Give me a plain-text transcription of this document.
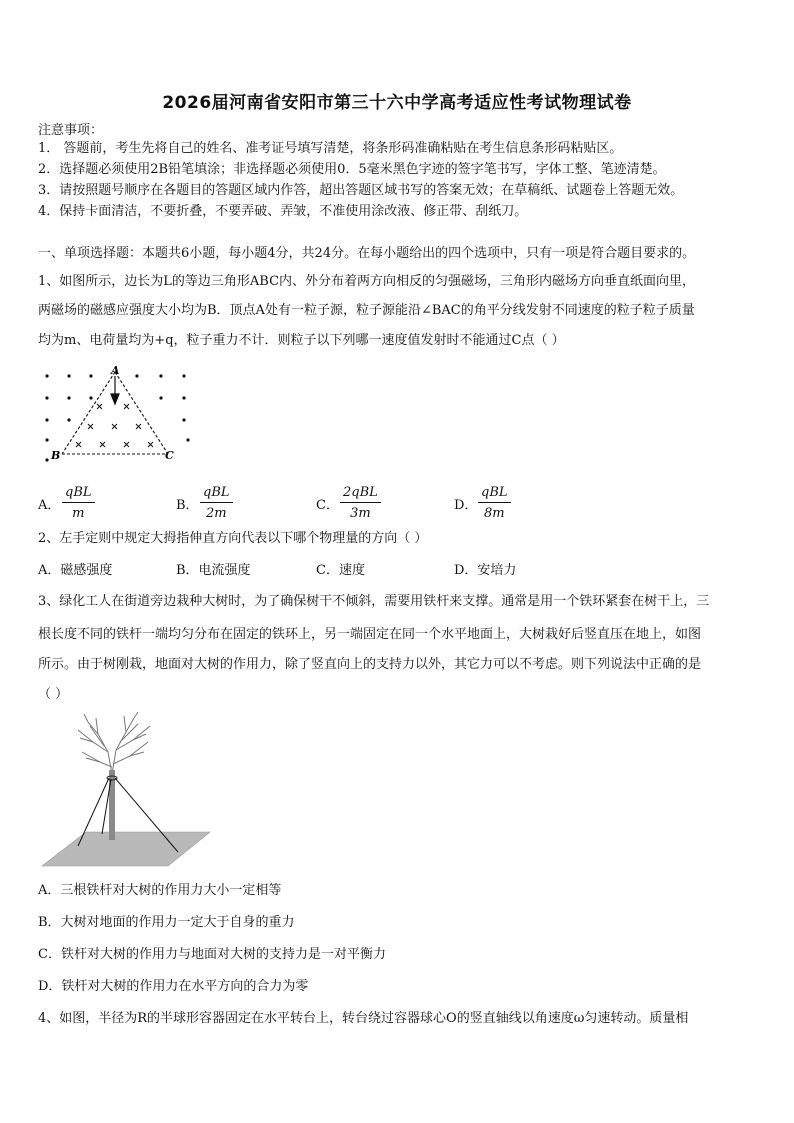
2026届河南省安阳市第三十六中学高考适应性考试物理试卷
注意事项：
1． 答题前，考生先将自己的姓名、准考证号填写清楚，将条形码准确粘贴在考生信息条形码粘贴区。
2．选择题必须使用2B铅笔填涂；非选择题必须使用0．5毫米黑色字迹的签字笔书写，字体工整、笔迹清楚。
3．请按照题号顺序在各题目的答题区域内作答，超出答题区域书写的答案无效；在草稿纸、试题卷上答题无效。
4．保持卡面清洁，不要折叠，不要弄破、弄皱，不准使用涂改液、修正带、刮纸刀。
一、单项选择题：本题共6小题，每小题4分，共24分。在每小题给出的四个选项中，只有一项是符合题目要求的。
1、如图所示，边长为L的等边三角形ABC内、外分布着两方向相反的匀强磁场，三角形内磁场方向垂直纸面向里，
两磁场的磁感应强度大小均为B．顶点A处有一粒子源，粒子源能沿∠BAC的角平分线发射不同速度的粒子粒子质量
均为m、电荷量均为+q，粒子重力不计．则粒子以下列哪一速度值发射时不能通过C点（ ）
A
B	C
A．
qBL
m
B．
qBL
2m
C．
2qBL
3m
D．
qBL
8m
2、左手定则中规定大拇指伸直方向代表以下哪个物理量的方向（ ）
A．磁感强度	B．电流强度	C．速度	D．安培力
3、绿化工人在街道旁边栽种大树时，为了确保树干不倾斜，需要用铁杆来支撑。通常是用一个铁环紧套在树干上，三
根长度不同的铁杆一端均匀分布在固定的铁环上，另一端固定在同一个水平地面上，大树栽好后竖直压在地上，如图
所示。由于树刚栽，地面对大树的作用力，除了竖直向上的支持力以外，其它力可以不考虑。则下列说法中正确的是
（ ）
A．三根铁杆对大树的作用力大小一定相等
B．大树对地面的作用力一定大于自身的重力
C．铁杆对大树的作用力与地面对大树的支持力是一对平衡力
D．铁杆对大树的作用力在水平方向的合力为零
4、如图，半径为R的半球形容器固定在水平转台上，转台绕过容器球心O的竖直轴线以角速度ω匀速转动。质量相
